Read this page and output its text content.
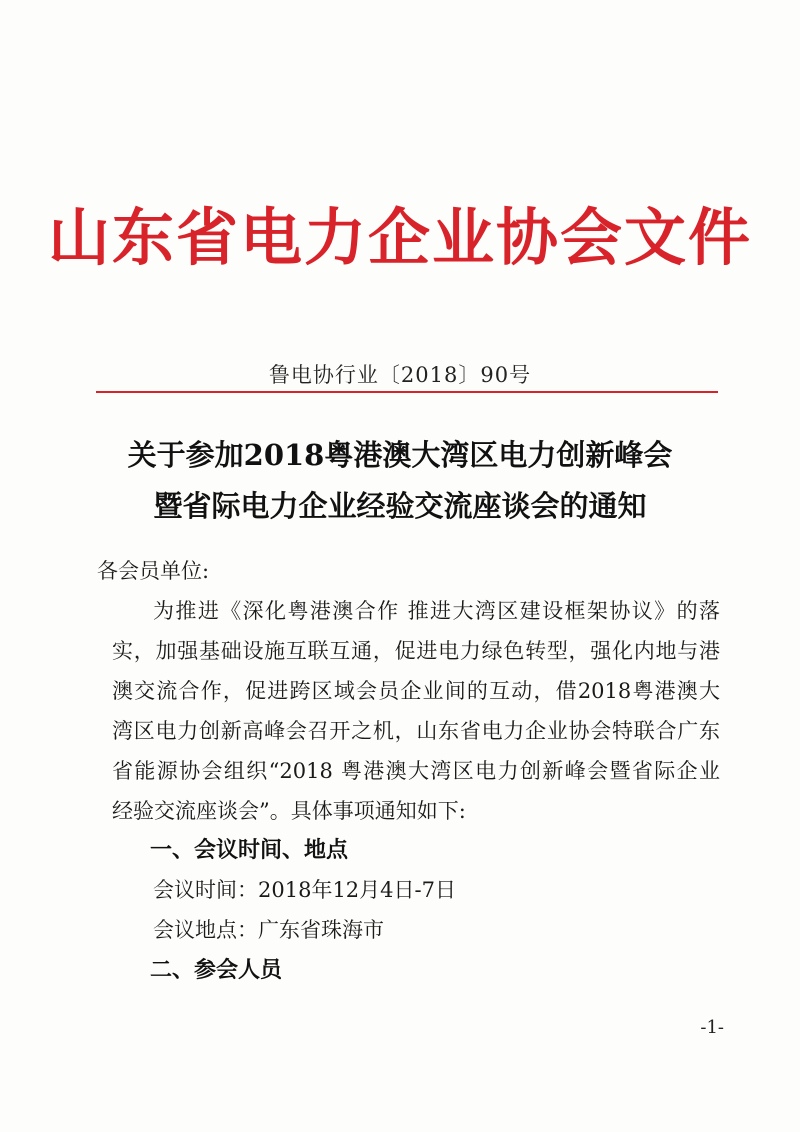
山东省电力企业协会文件
鲁电协行业〔2018〕90号
关于参加2018粤港澳大湾区电力创新峰会
暨省际电力企业经验交流座谈会的通知
各会员单位:
为推进《深化粤港澳合作 推进大湾区建设框架协议》的落
实，加强基础设施互联互通，促进电力绿色转型，强化内地与港
澳交流合作，促进跨区域会员企业间的互动，借2018粤港澳大
湾区电力创新高峰会召开之机，山东省电力企业协会特联合广东
省能源协会组织“2018 粤港澳大湾区电力创新峰会暨省际企业
经验交流座谈会”。具体事项通知如下:
一、会议时间、地点
会议时间：2018年12月4日-7日
会议地点：广东省珠海市
二、参会人员
-1-
